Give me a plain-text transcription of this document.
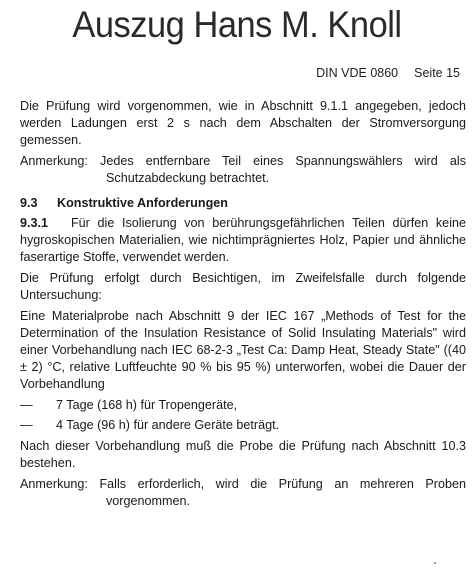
Auszug Hans M. Knoll
DIN VDE 0860 Seite 15

Die Prüfung wird vorgenommen, wie in Abschnitt 9.1.1 angegeben, jedoch werden Ladungen erst 2 s nach dem Abschalten der Stromversorgung gemessen.

Anmerkung: Jedes entfernbare Teil eines Spannungswählers wird als Schutzabdeckung betrachtet.

9.3 Konstruktive Anforderungen

9.3.1 Für die Isolierung von berührungsgefährlichen Teilen dürfen keine hygroskopischen Materialien, wie nichtimprägniertes Holz, Papier und ähnliche faserartige Stoffe, verwendet werden.

Die Prüfung erfolgt durch Besichtigen, im Zweifelsfalle durch folgende Untersuchung:

Eine Materialprobe nach Abschnitt 9 der IEC 167 „Methods of Test for the Determination of the Insulation Resistance of Solid Insulating Materials" wird einer Vorbehandlung nach IEC 68-2-3 „Test Ca: Damp Heat, Steady State" ((40 ± 2) °C, relative Luftfeuchte 90 % bis 95 %) unterworfen, wobei die Dauer der Vorbehandlung

—	7 Tage (168 h) für Tropengeräte,
—	4 Tage (96 h) für andere Geräte beträgt.

Nach dieser Vorbehandlung muß die Probe die Prüfung nach Abschnitt 10.3 bestehen.

Anmerkung: Falls erforderlich, wird die Prüfung an mehreren Proben vorgenommen.
